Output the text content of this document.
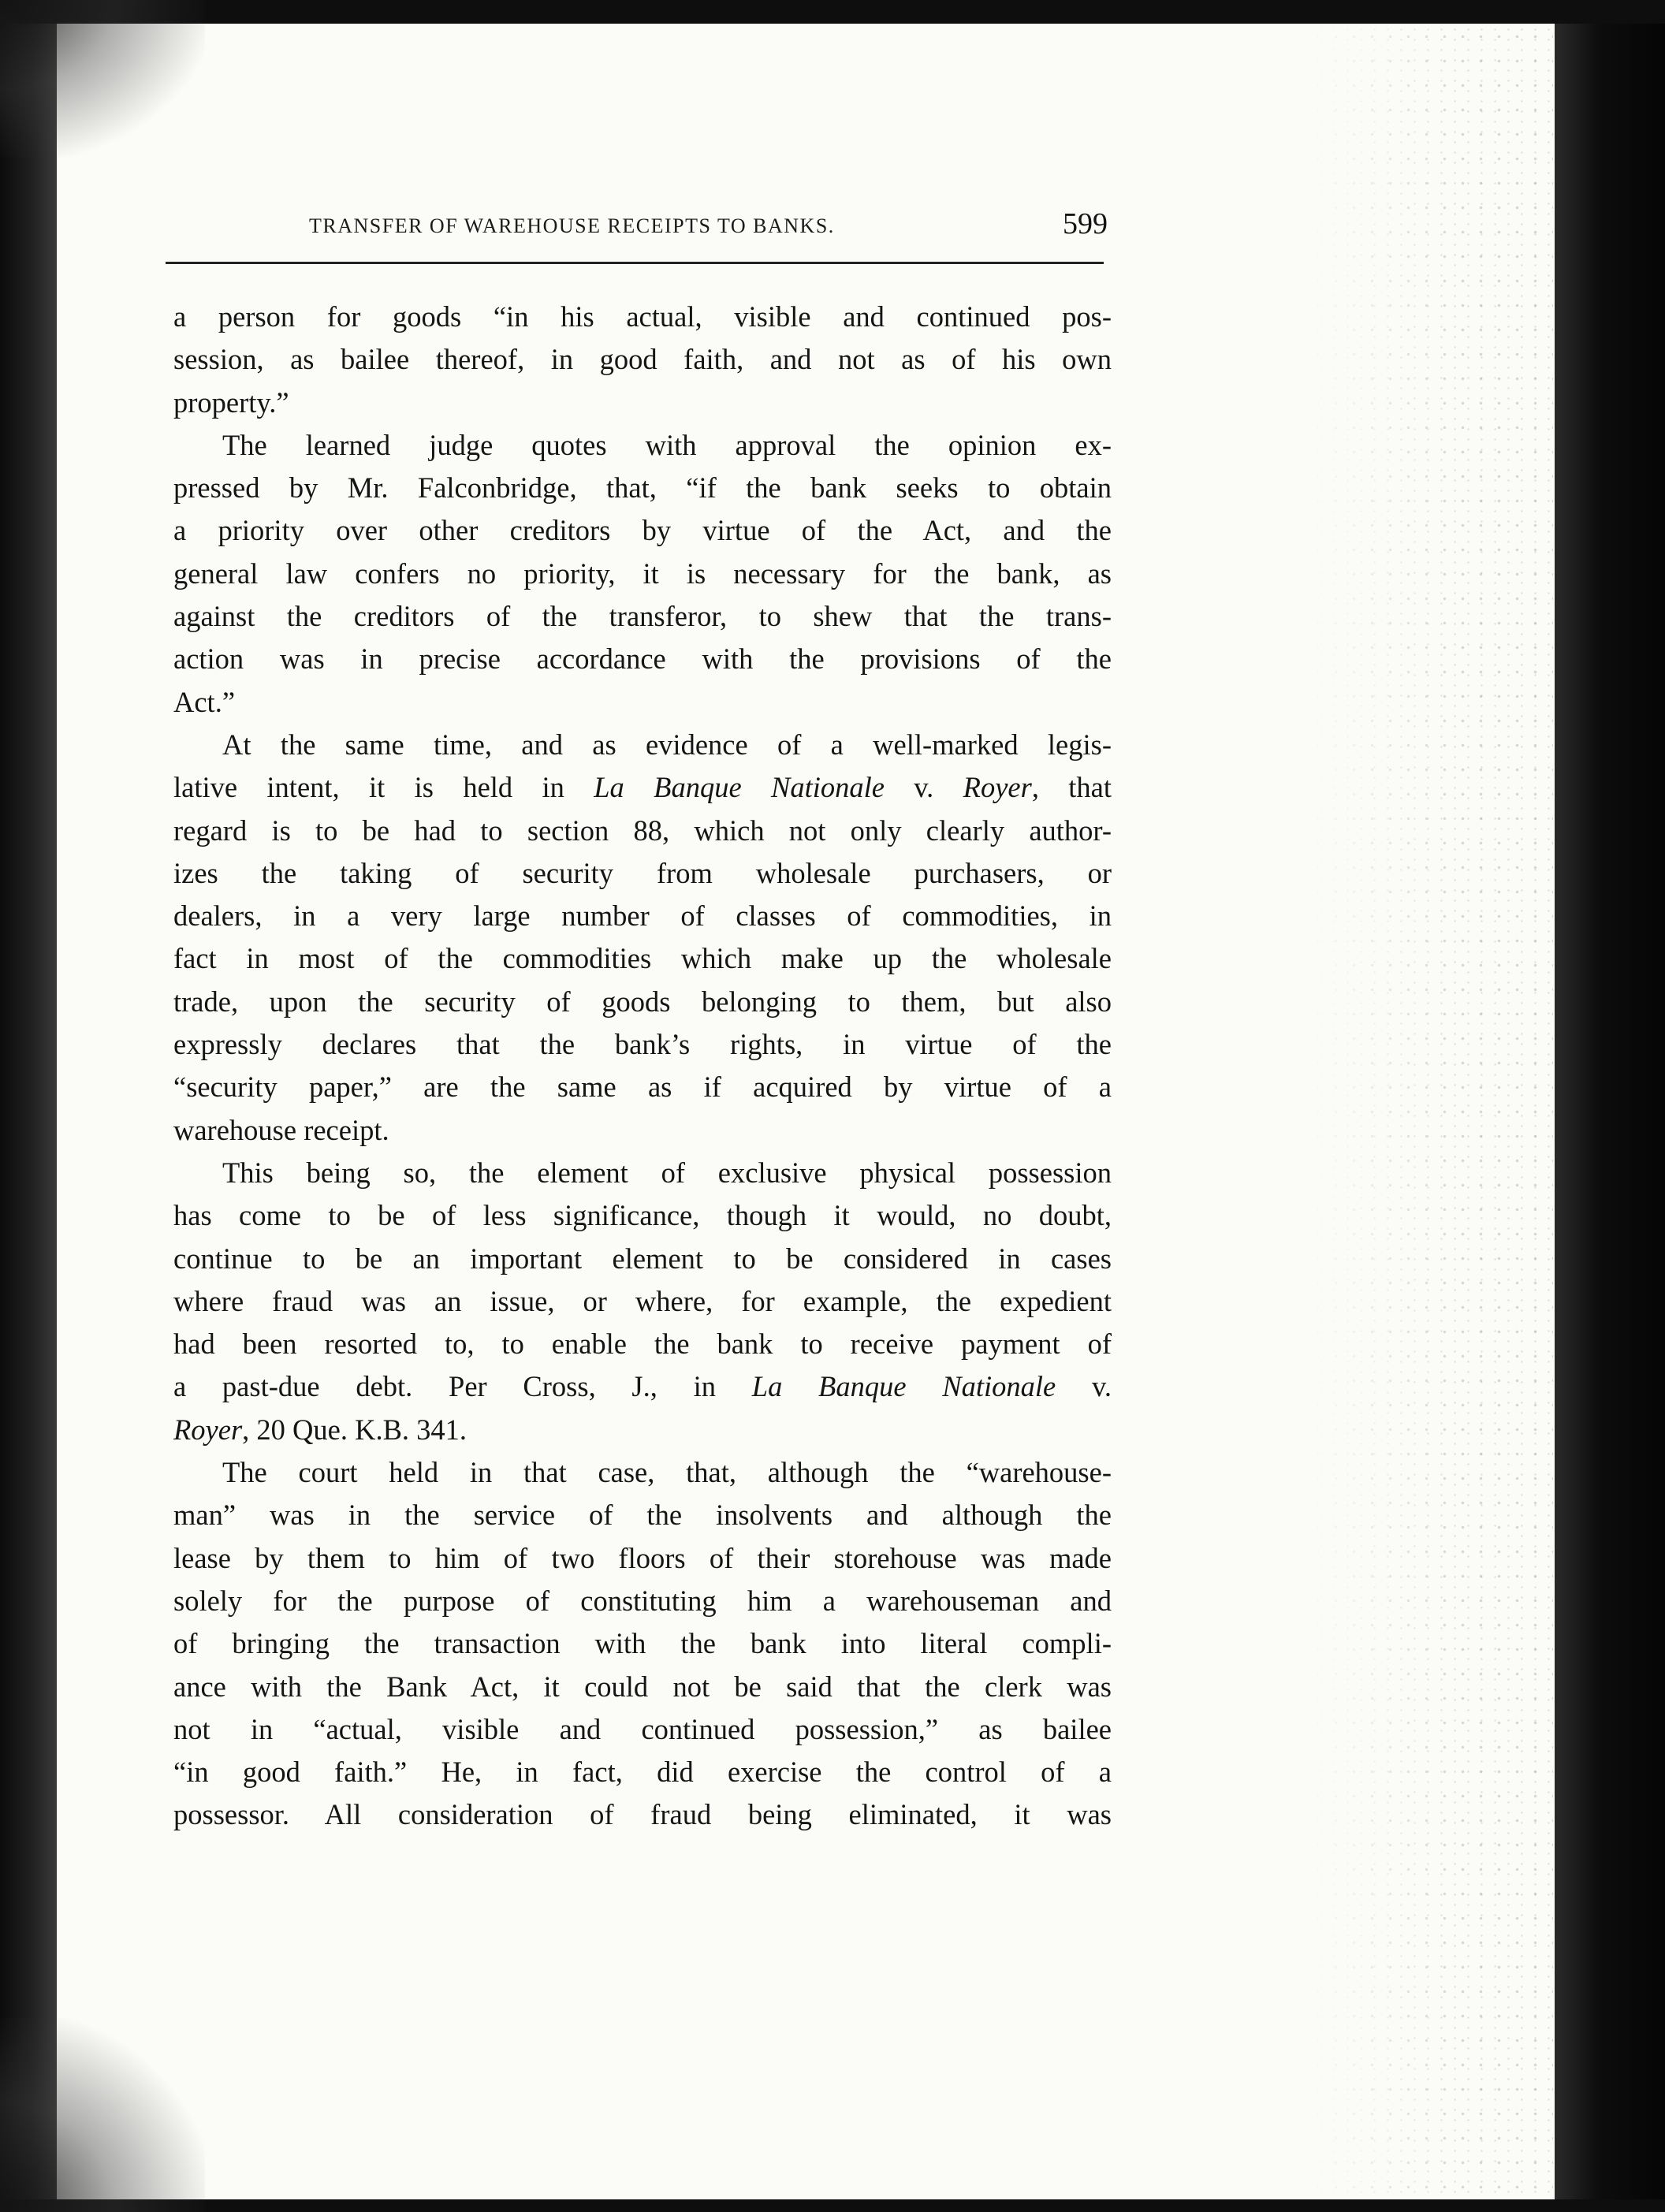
TRANSFER OF WAREHOUSE RECEIPTS TO BANKS.	599
a person for goods “in his actual, visible and continued pos-
session, as bailee thereof, in good faith, and not as of his own
property.”
The learned judge quotes with approval the opinion ex-
pressed by Mr. Falconbridge, that, “if the bank seeks to obtain
a priority over other creditors by virtue of the Act, and the
general law confers no priority, it is necessary for the bank, as
against the creditors of the transferor, to shew that the trans-
action was in precise accordance with the provisions of the
Act.”
At the same time, and as evidence of a well-marked legis-
lative intent, it is held in La Banque Nationale v. Royer, that
regard is to be had to section 88, which not only clearly author-
izes the taking of security from wholesale purchasers, or
dealers, in a very large number of classes of commodities, in
fact in most of the commodities which make up the wholesale
trade, upon the security of goods belonging to them, but also
expressly declares that the bank’s rights, in virtue of the
“security paper,” are the same as if acquired by virtue of a
warehouse receipt.
This being so, the element of exclusive physical possession
has come to be of less significance, though it would, no doubt,
continue to be an important element to be considered in cases
where fraud was an issue, or where, for example, the expedient
had been resorted to, to enable the bank to receive payment of
a past-due debt. Per Cross, J., in La Banque Nationale v.
Royer, 20 Que. K.B. 341.
The court held in that case, that, although the “warehouse-
man” was in the service of the insolvents and although the
lease by them to him of two floors of their storehouse was made
solely for the purpose of constituting him a warehouseman and
of bringing the transaction with the bank into literal compli-
ance with the Bank Act, it could not be said that the clerk was
not in “actual, visible and continued possession,” as bailee
“in good faith.” He, in fact, did exercise the control of a
possessor. All consideration of fraud being eliminated, it was
